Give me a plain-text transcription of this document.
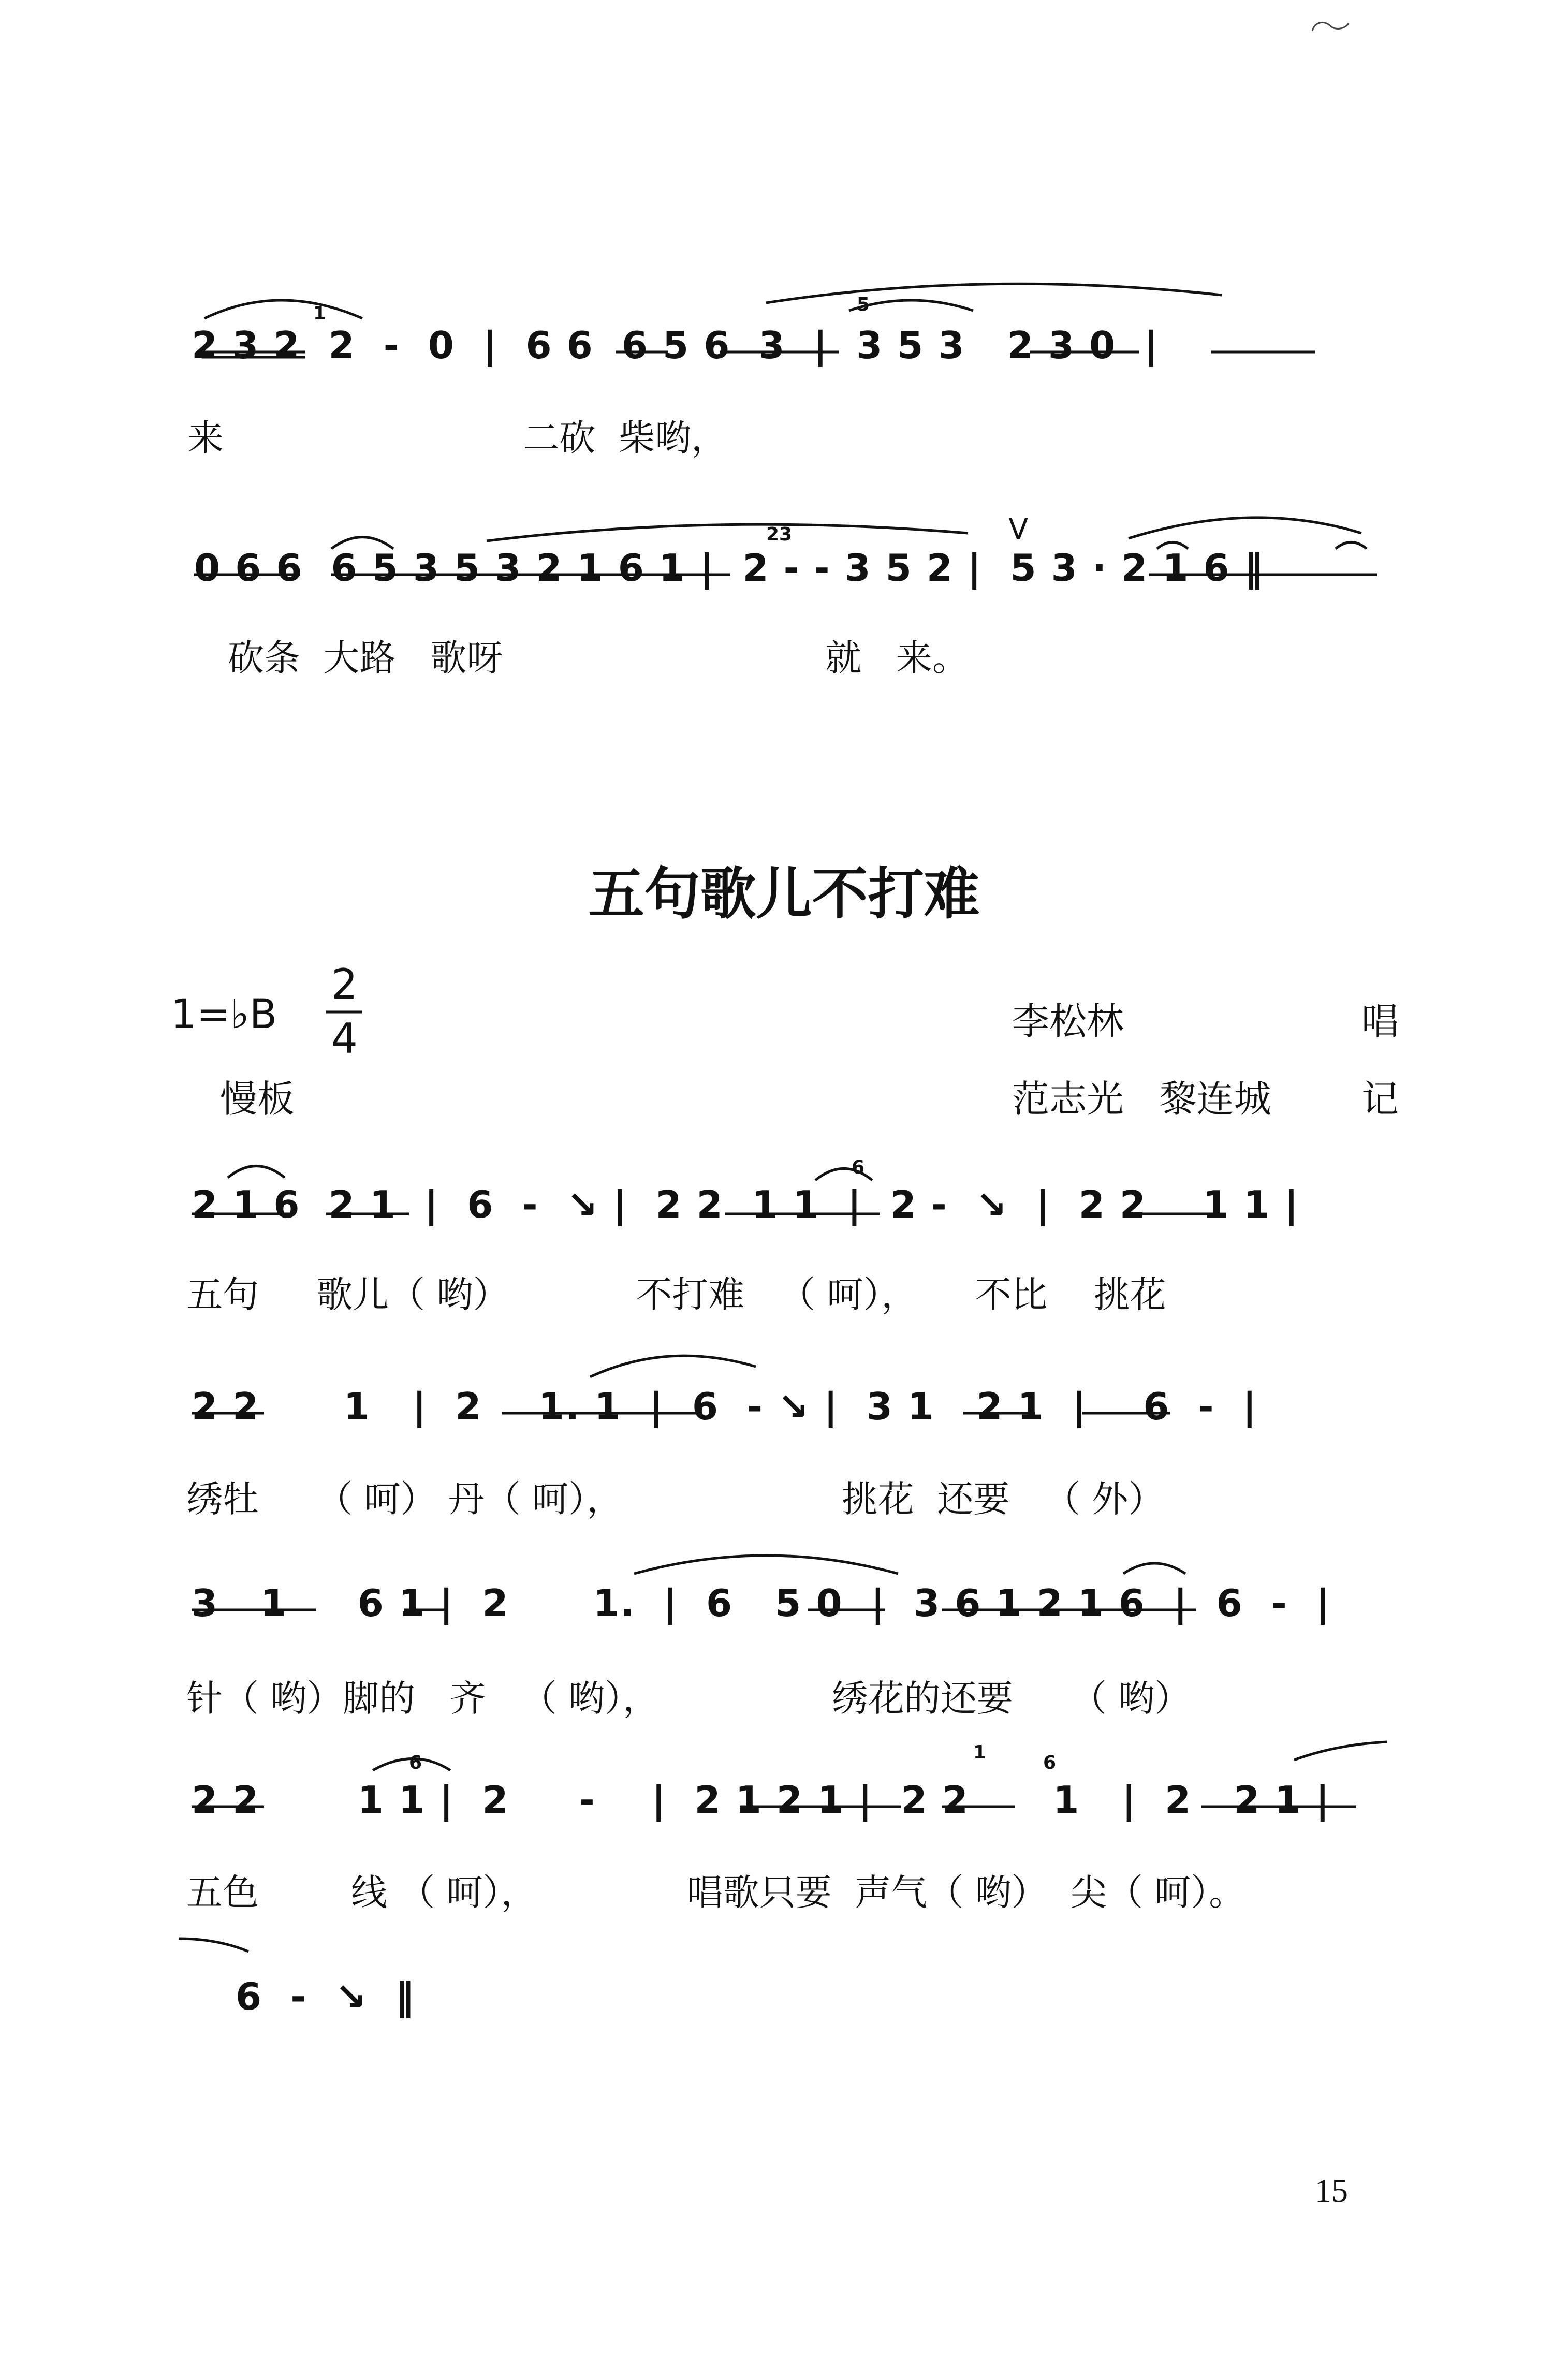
2 3 2  2  -  0  |  6 6  6 5 6  3  |  3 5 3   2 3 0  |
来                          二砍  柴哟，
1	5
0 6 6  6 5 3 5 3 2 1 6 1 |  2 - - 3 5 2 |  5 3 · 2 1 6 ‖
砍条  大路   歌呀                            就   来。
23	V
五句歌儿不打难
1=♭B
2
4
慢板
李松林	唱
范志光   黎连城 记
2 1 6  2 1  |  6  -  ↘ |  2 2  1 1  |  2 -  ↘  |  2 2    1 1 |
五句     歌儿（ 哟）           不打难   （ 呵），     不比    挑花
6
2 2      1   |  2    1. 1  |  6  - ↘ |  3 1   2 1  |    6  -  |
绣牡     （ 呵） 丹（ 呵），                   挑花  还要   （ 外）
3   1     6 1 |  2      1.  |  6   5 0  |  3 6 1 2 1 6  |  6  -  |
针（ 哟）脚的   齐   （ 哟），               绣花的还要     （ 哟）
2 2       1 1 |  2     -    |  2 1 2 1 |  2 2      1   |  2   2 1 |
五色        线 （ 呵），             唱歌只要  声气（ 哟）  尖（ 呵）。
6	1	6
6  -  ↘  ‖
15
